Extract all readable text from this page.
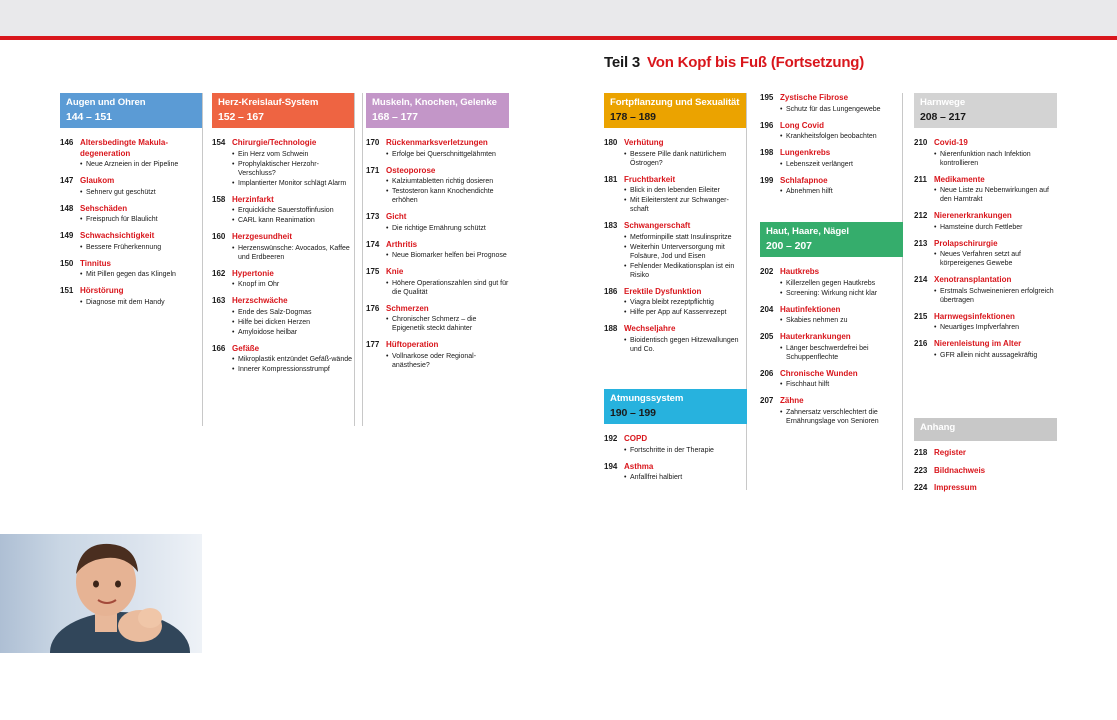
Teil 3 Von Kopf bis Fuß (Fortsetzung)
Augen und Ohren
144 – 151
146 Altersbedingte Makula-degeneration
• Neue Arzneien in der Pipeline
147 Glaukom
• Sehnerv gut geschützt
148 Sehschäden
• Freispruch für Blaulicht
149 Schwachsichtigkeit
• Bessere Früherkennung
150 Tinnitus
• Mit Pillen gegen das Klingeln
151 Hörstörung
• Diagnose mit dem Handy
Herz-Kreislauf-System
152 – 167
154 Chirurgie/Technologie
• Ein Herz vom Schwein
• Prophylaktischer Herzohr-Verschluss?
• Implantierter Monitor schlägt Alarm
158 Herzinfarkt
• Erquickliche Sauerstoffinfusion
• CARL kann Reanimation
160 Herzgesundheit
• Herzenswünsche: Avocados, Kaffee und Erdbeeren
162 Hypertonie
• Knopf im Ohr
163 Herzschwäche
• Ende des Salz-Dogmas
• Hilfe bei dicken Herzen
• Amyloidose heilbar
166 Gefäße
• Mikroplastik entzündet Gefäß-wände
• Innerer Kompressionsstrumpf
Muskeln, Knochen, Gelenke
168 – 177
170 Rückenmarksverletzungen
• Erfolge bei Querschnittgelähmten
171 Osteoporose
• Kalziumtabletten richtig dosieren
• Testosteron kann Knochendichte erhöhen
173 Gicht
• Die richtige Ernährung schützt
174 Arthritis
• Neue Biomarker helfen bei Prognose
175 Knie
• Höhere Operationszahlen sind gut für die Qualität
176 Schmerzen
• Chronischer Schmerz – die Epigenetik steckt dahinter
177 Hüftoperation
• Vollnarkose oder Regional-anästhesie?
Fortpflanzung und Sexualität
178 – 189
180 Verhütung
• Bessere Pille dank natürlichem Östrogen?
181 Fruchtbarkeit
• Blick in den lebenden Eileiter
• Mit Eileiterstent zur Schwanger-schaft
183 Schwangerschaft
• Metforminpille statt Insulinspritze
• Weiterhin Unterversorgung mit Folsäure, Jod und Eisen
• Fehlender Medikationsplan ist ein Risiko
186 Erektile Dysfunktion
• Viagra bleibt rezeptpflichtig
• Hilfe per App auf Kassenrezept
188 Wechseljahre
• Bioidentisch gegen Hitzewallungen und Co.
Atmungssystem
190 – 199
192 COPD
• Fortschritte in der Therapie
194 Asthma
• Anfallfrei halbiert
195 Zystische Fibrose
• Schutz für das Lungengewebe
196 Long Covid
• Krankheitsfolgen beobachten
198 Lungenkrebs
• Lebenszeit verlängert
199 Schlafapnoe
• Abnehmen hilft
Haut, Haare, Nägel
200 – 207
202 Hautkrebs
• Killerzellen gegen Hautkrebs
• Screening: Wirkung nicht klar
204 Hautinfektionen
• Skabies nehmen zu
205 Hauterkrankungen
• Länger beschwerdefrei bei Schuppenflechte
206 Chronische Wunden
• Fischhaut hilft
207 Zähne
• Zahnersatz verschlechtert die Ernährungslage von Senioren
Harnwege
208 – 217
210 Covid-19
• Nierenfunktion nach Infektion kontrollieren
211 Medikamente
• Neue Liste zu Nebenwirkungen auf den Harntrakt
212 Nierenerkrankungen
• Hamsteine durch Fettleber
213 Prolapschirurgie
• Neues Verfahren setzt auf körpereigenes Gewebe
214 Xenotransplantation
• Erstmals Schweinenieren erfolgreich übertragen
215 Harnwegsinfektionen
• Neuartiges Impfverfahren
216 Nierenleistung im Alter
• GFR allein nicht aussagekräftig
Anhang
218 Register
223 Bildnachweis
224 Impressum
